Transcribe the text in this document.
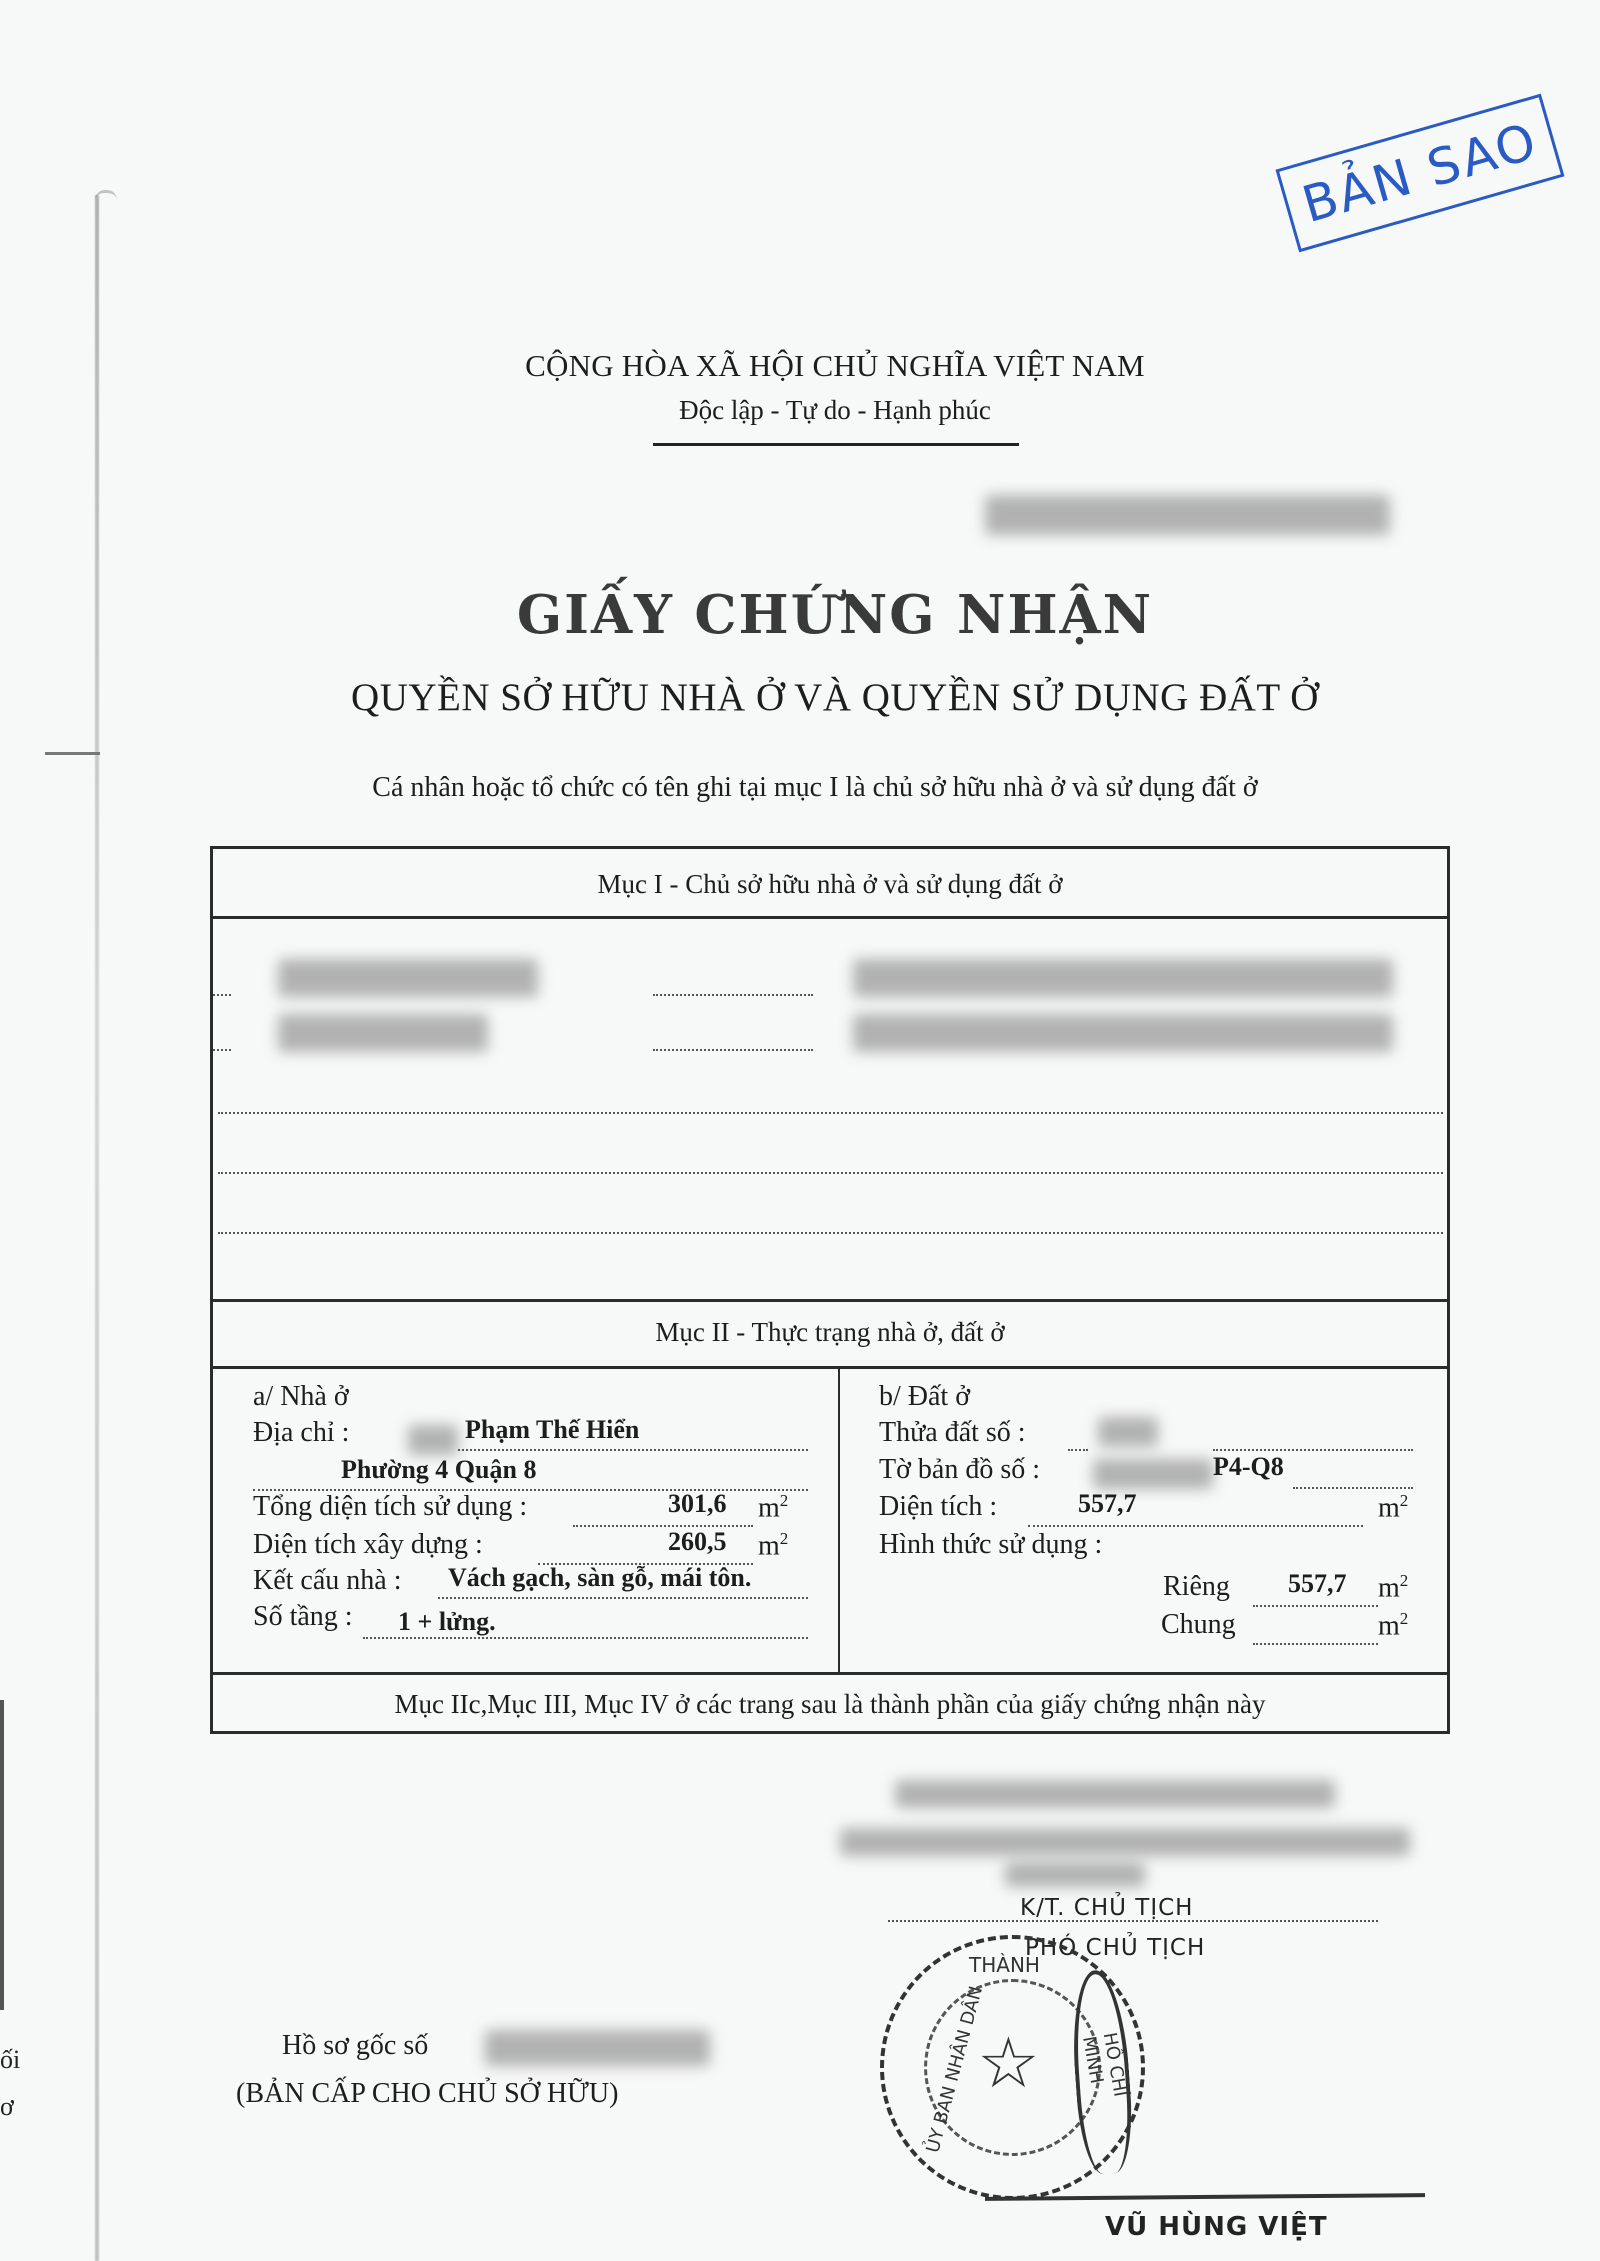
ối
ơ
BẢN SAO
CỘNG HÒA XÃ HỘI CHỦ NGHĨA VIỆT NAM
Độc lập - Tự do - Hạnh phúc
GIẤY CHỨNG NHẬN
QUYỀN SỞ HỮU NHÀ Ở VÀ QUYỀN SỬ DỤNG ĐẤT Ở
Cá nhân hoặc tổ chức có tên ghi tại mục I là chủ sở hữu nhà ở và sử dụng đất ở
Mục I - Chủ sở hữu nhà ở và sử dụng đất ở
Mục II - Thực trạng nhà ở, đất ở
a/ Nhà ở
Địa chỉ :	Phạm Thế Hiển
Phường 4 Quận 8
Tổng diện tích sử dụng :	301,6 $m^2$
Diện tích xây dựng :	260,5 $m^2$
Kết cấu nhà : Vách gạch, sàn gỗ, mái tôn.
Số tầng : 1 + lửng.
b/ Đất ở
Thửa đất số :
Tờ bản đồ số :	P4-Q8
Diện tích :	557,7	$m^2$
Hình thức sử dụng :
Riêng 557,7 $m^2$
Chung	$m^2$
Mục IIc,Mục III, Mục IV ở các trang sau là thành phần của giấy chứng nhận này
K/T. CHỦ TỊCH
PHÓ CHỦ TỊCH
☆
THÀNH
ỦY BAN NHÂN DÂN	HỒ CHÍ MINH
VŨ HÙNG VIỆT
Hồ sơ gốc số
(BẢN CẤP CHO CHỦ SỞ HỮU)
